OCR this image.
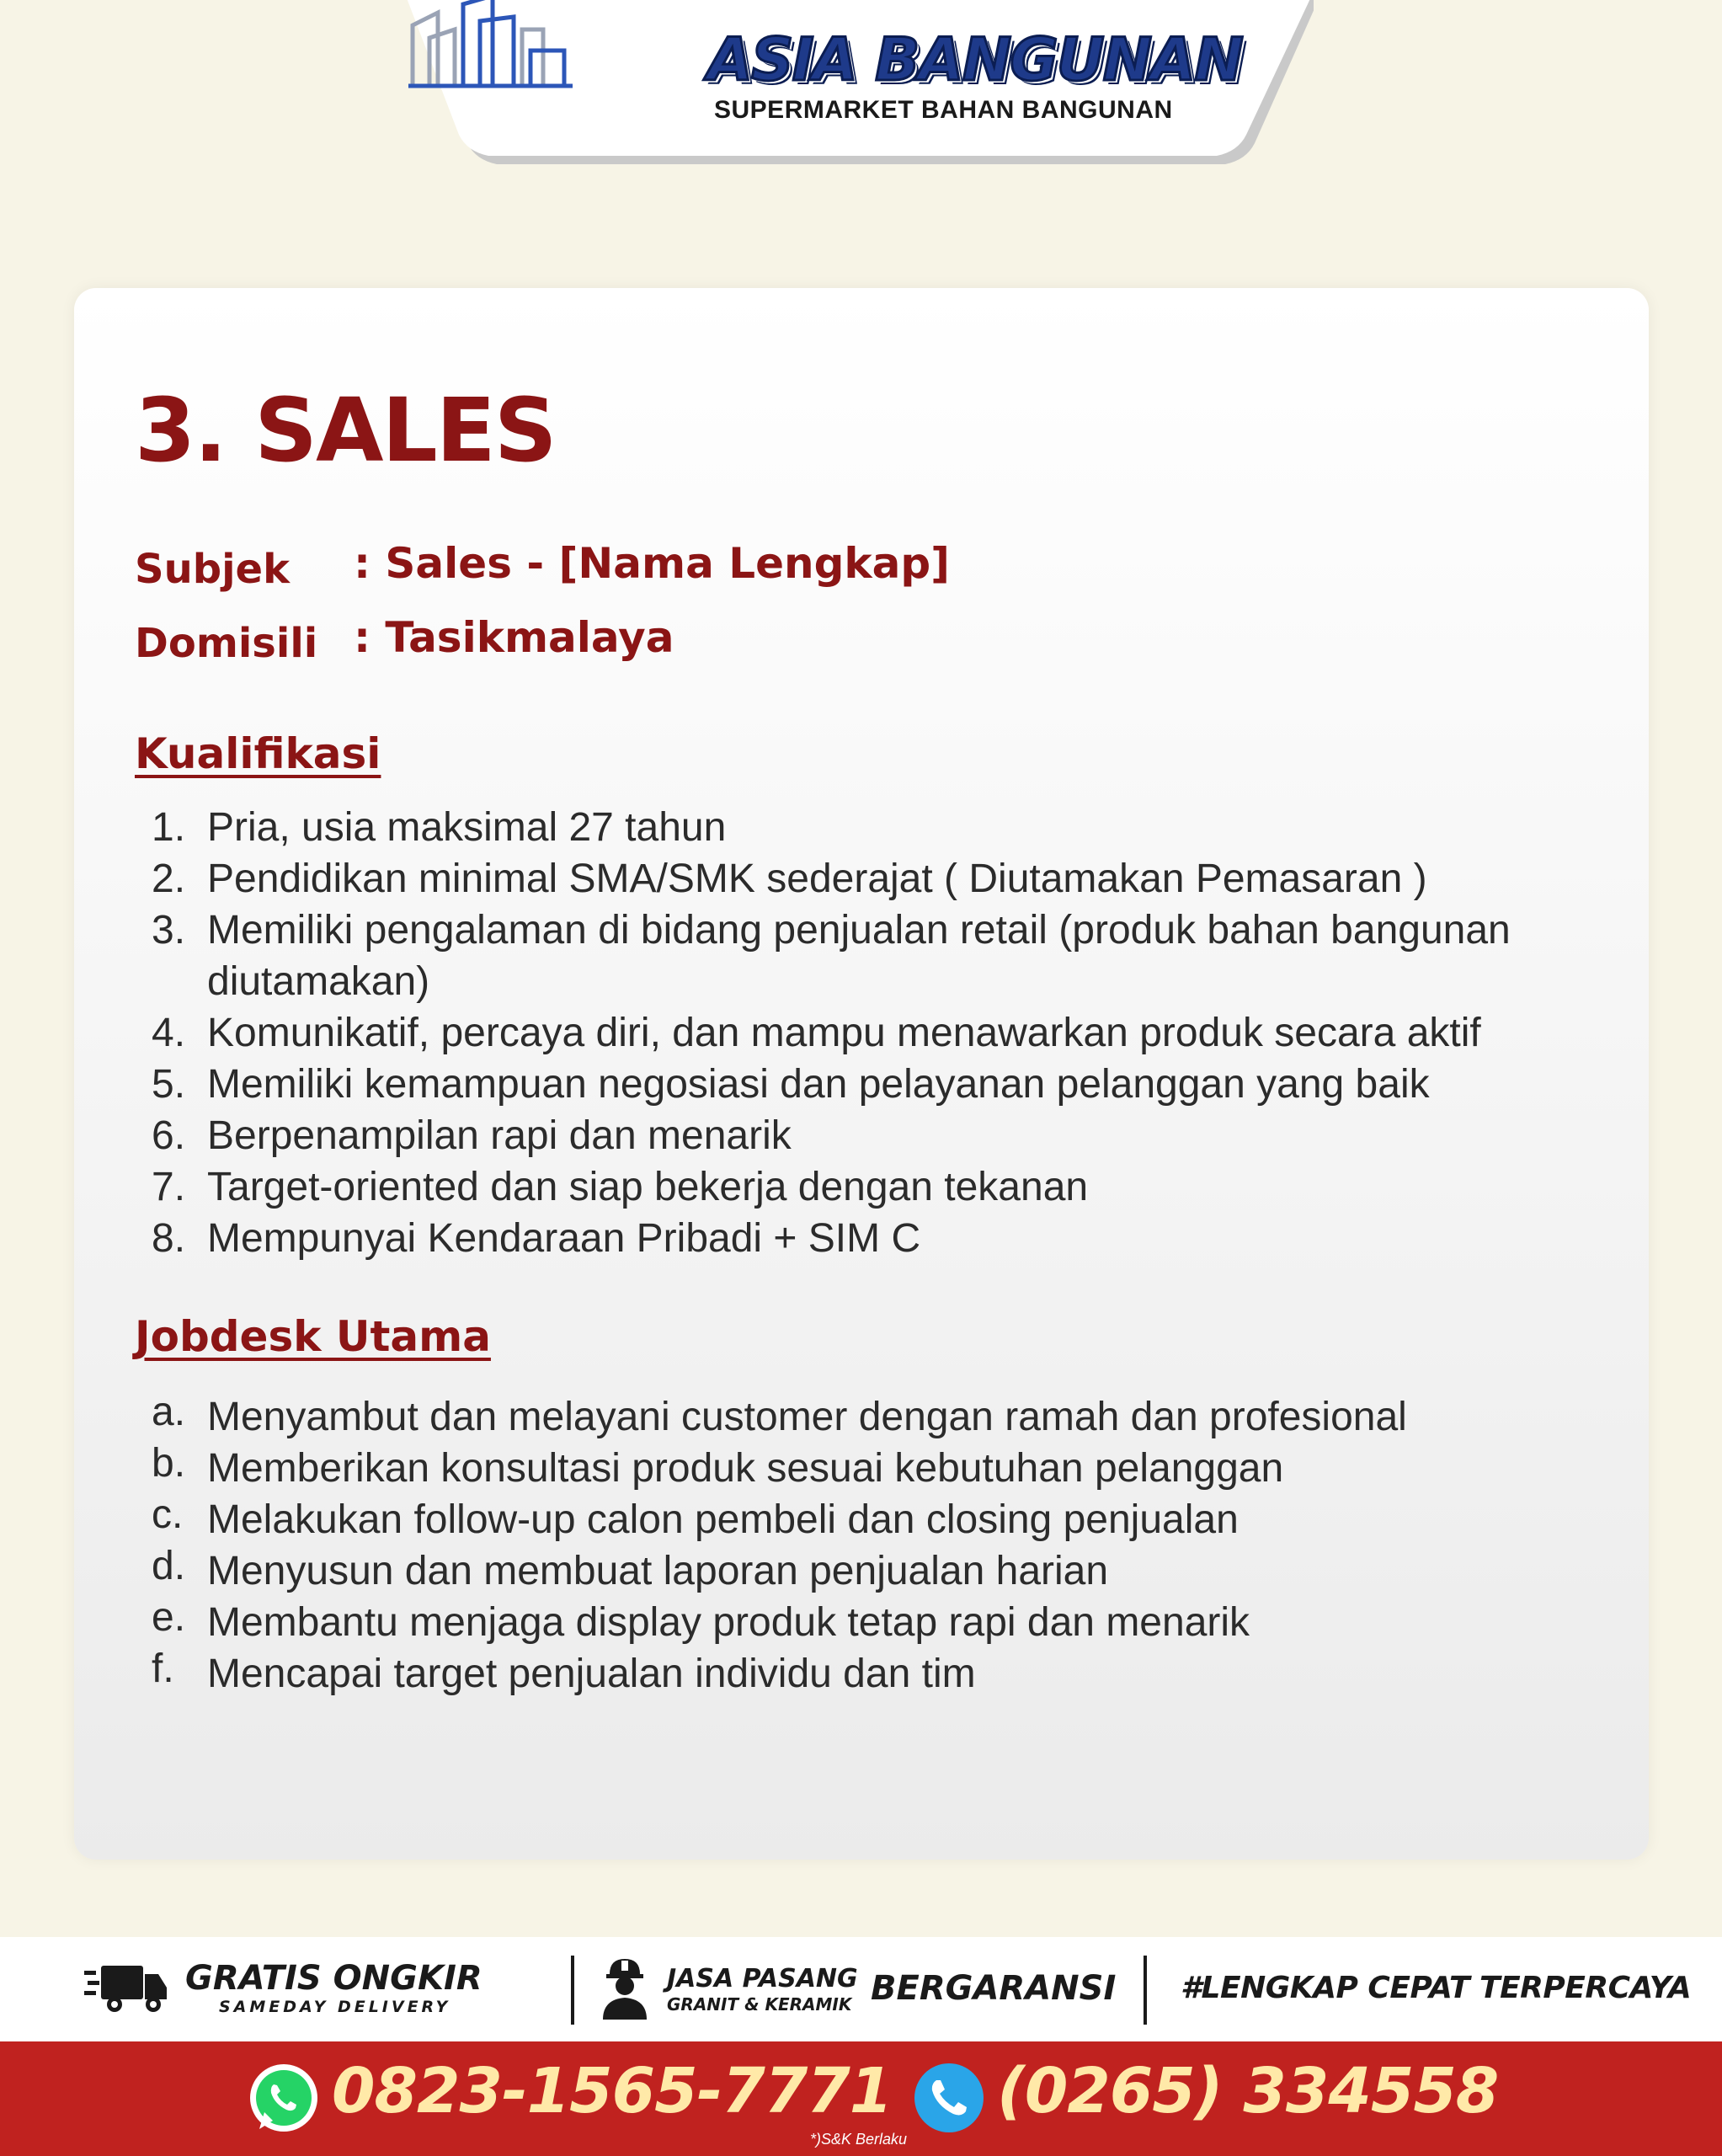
ASIA BANGUNAN
SUPERMARKET BAHAN BANGUNAN
3. SALES
Subjek : Sales - [Nama Lengkap]
Domisili : Tasikmalaya
Kualifikasi
1. Pria, usia maksimal 27 tahun
2. Pendidikan minimal SMA/SMK sederajat ( Diutamakan Pemasaran )
3. Memiliki pengalaman di bidang penjualan retail (produk bahan bangunan diutamakan)
4. Komunikatif, percaya diri, dan mampu menawarkan produk secara aktif
5. Memiliki kemampuan negosiasi dan pelayanan pelanggan yang baik
6. Berpenampilan rapi dan menarik
7. Target-oriented dan siap bekerja dengan tekanan
8. Mempunyai Kendaraan Pribadi + SIM C
Jobdesk Utama
a. Menyambut dan melayani customer dengan ramah dan profesional
b. Memberikan konsultasi produk sesuai kebutuhan pelanggan
c. Melakukan follow-up calon pembeli dan closing penjualan
d. Menyusun dan membuat laporan penjualan harian
e. Membantu menjaga display produk tetap rapi dan menarik
f. Mencapai target penjualan individu dan tim
GRATIS ONGKIR
SAMEDAY DELIVERY
JASA PASANG
GRANIT & KERAMIK BERGARANSI #LENGKAP CEPAT TERPERCAYA
0823-1565-7771 (0265) 334558
*)S&K Berlaku
